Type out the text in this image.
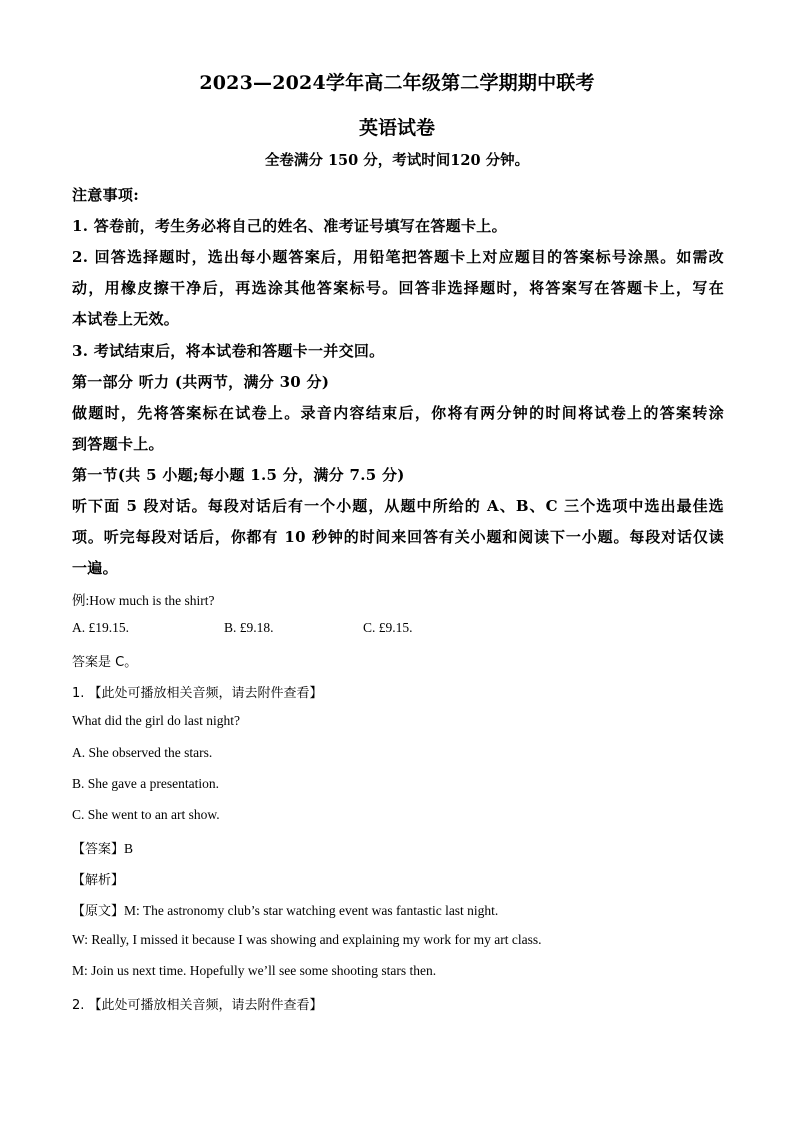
2023—2024学年高二年级第二学期期中联考
英语试卷
全卷满分 150 分，考试时间120 分钟。
注意事项:
1. 答卷前，考生务必将自己的姓名、准考证号填写在答题卡上。
2. 回答选择题时，选出每小题答案后，用铅笔把答题卡上对应题目的答案标号涂黑。如需改
动，用橡皮擦干净后，再选涂其他答案标号。回答非选择题时，将答案写在答题卡上，写在
本试卷上无效。
3. 考试结束后，将本试卷和答题卡一并交回。
第一部分 听力 (共两节，满分 30 分)
做题时，先将答案标在试卷上。录音内容结束后，你将有两分钟的时间将试卷上的答案转涂
到答题卡上。
第一节(共 5 小题;每小题 1.5 分，满分 7.5 分)
听下面 5 段对话。每段对话后有一个小题，从题中所给的 A、B、C 三个选项中选出最佳选
项。听完每段对话后，你都有 10 秒钟的时间来回答有关小题和阅读下一小题。每段对话仅读
一遍。
例:How much is the shirt?
A. £19.15.	B. £9.18.	C. £9.15.
答案是 C。
1. 【此处可播放相关音频，请去附件查看】
What did the girl do last night?
A. She observed the stars.
B. She gave a presentation.
C. She went to an art show.
【答案】B
【解析】
【原文】M: The astronomy club’s star watching event was fantastic last night.
W: Really, I missed it because I was showing and explaining my work for my art class.
M: Join us next time. Hopefully we’ll see some shooting stars then.
2. 【此处可播放相关音频，请去附件查看】
